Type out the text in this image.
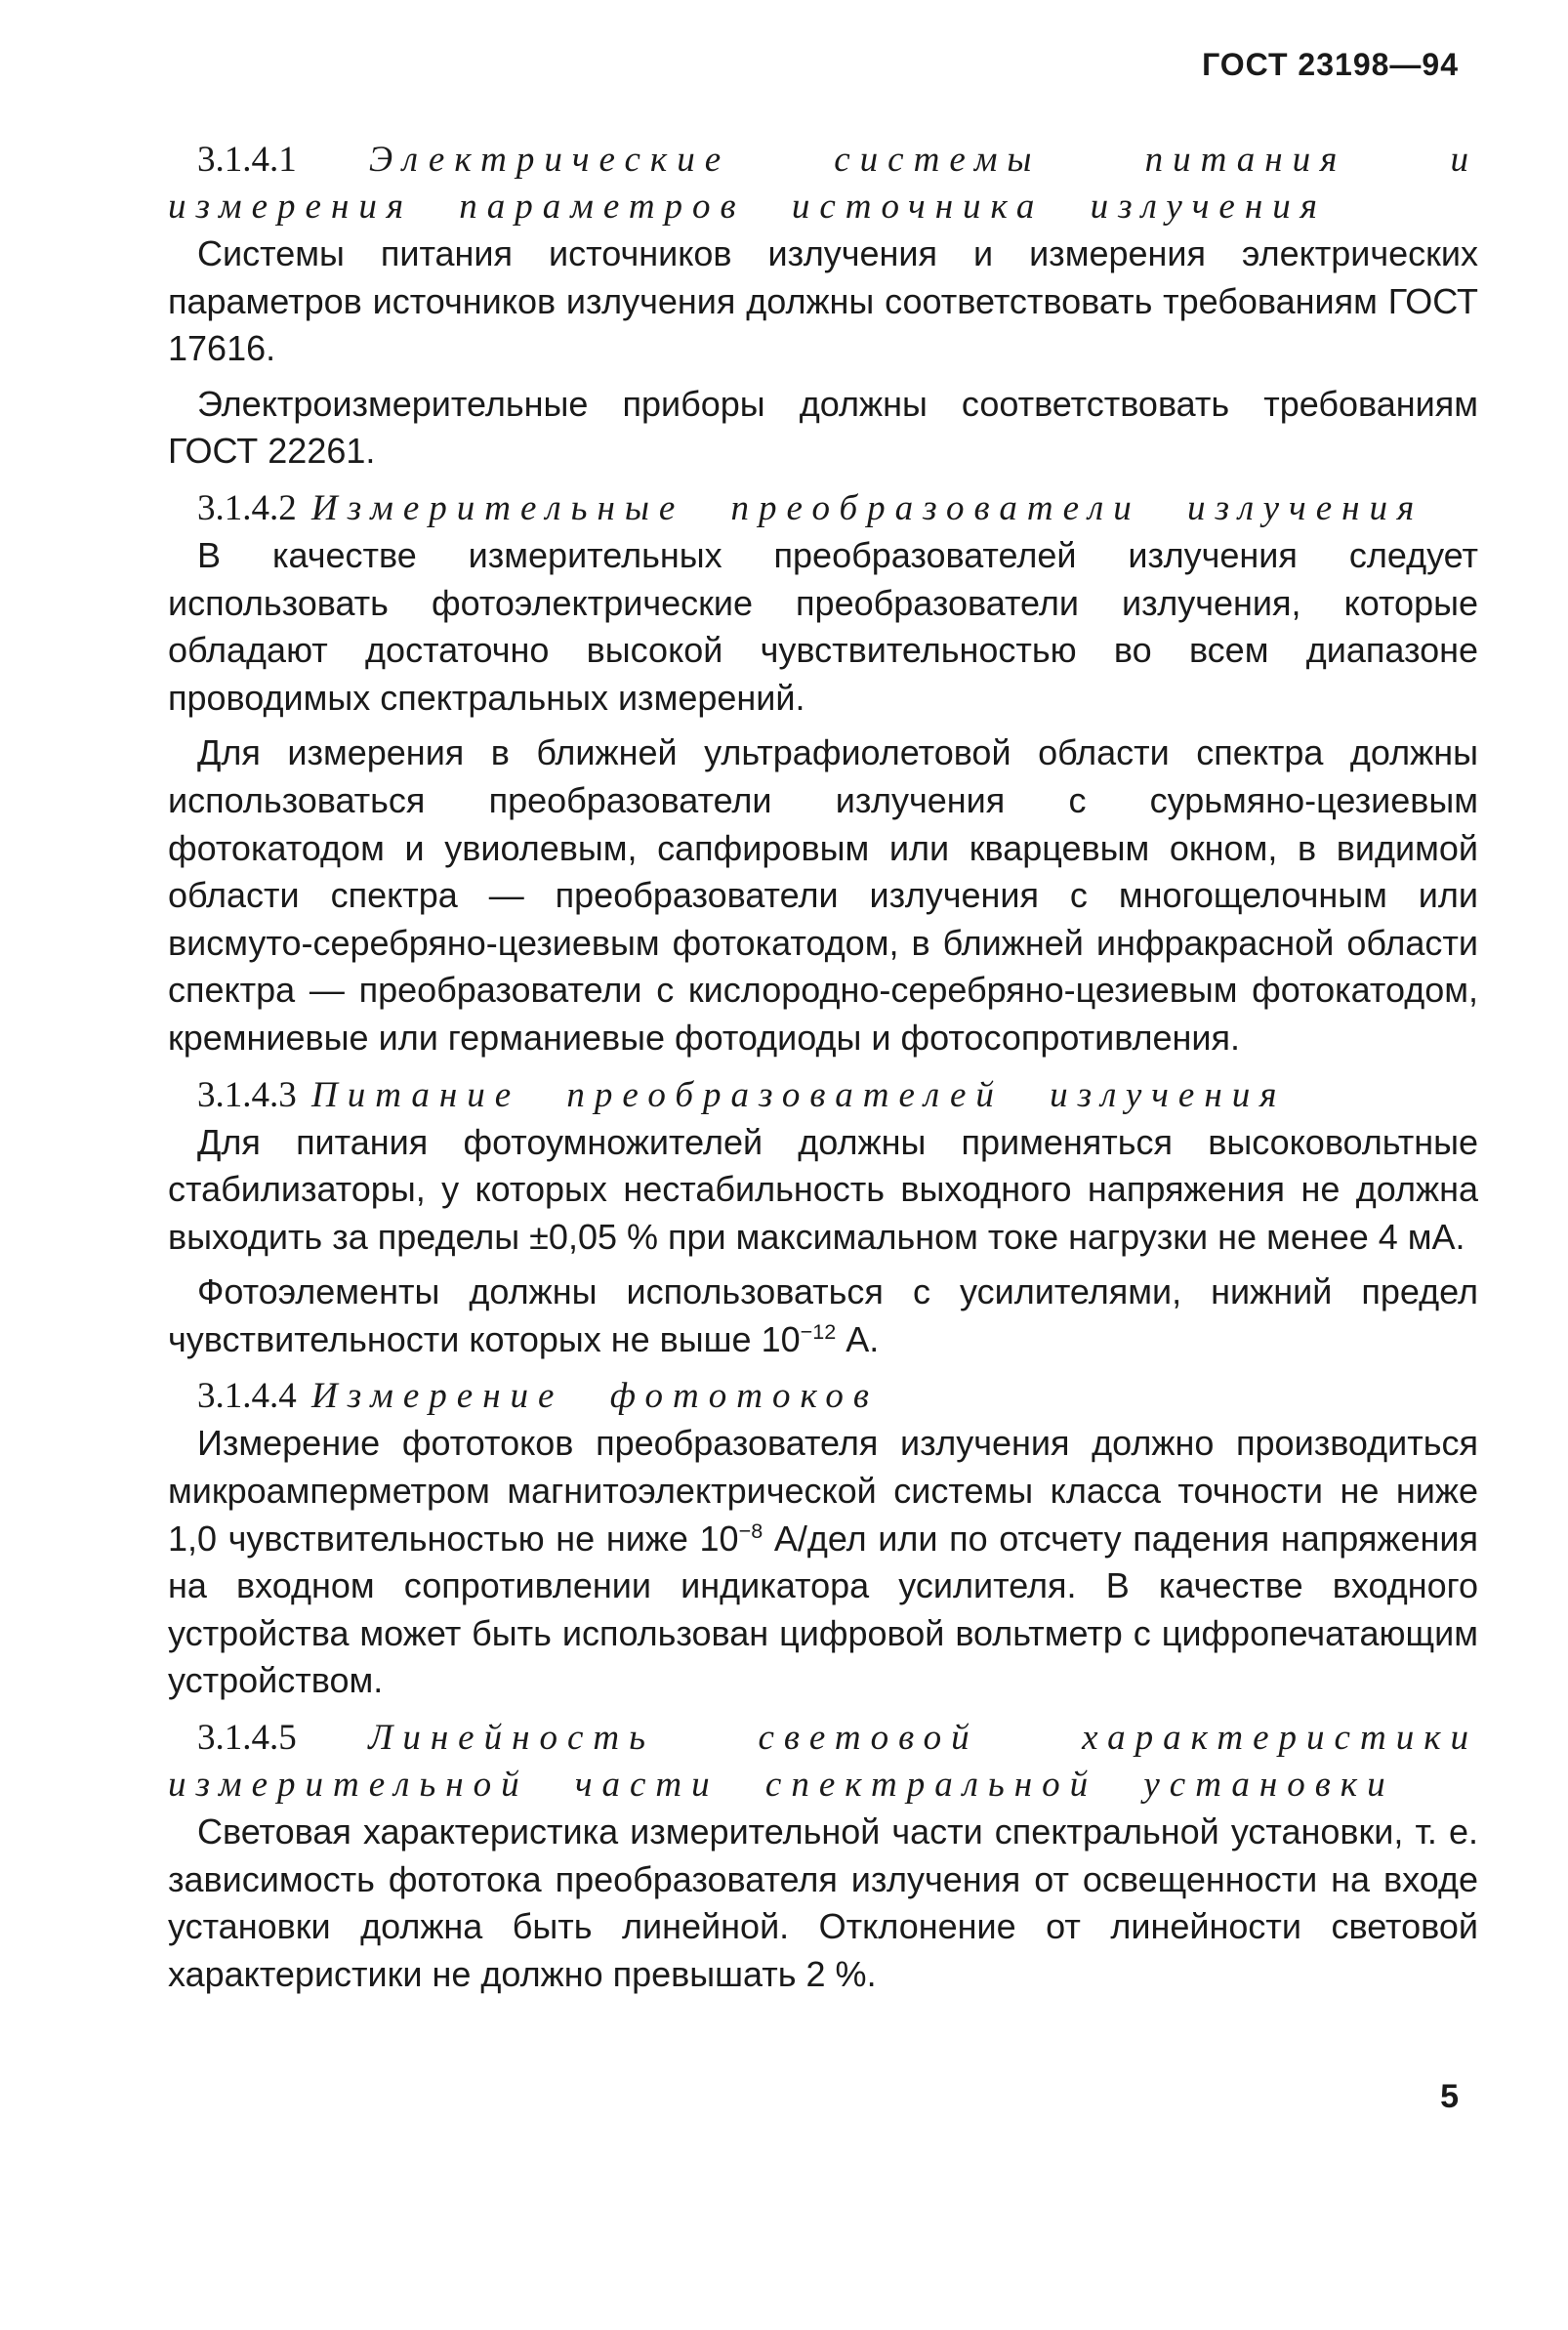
ГОСТ 23198—94
3.1.4.1 Электрические системы питания и измерения параметров источника излучения

Системы питания источников излучения и измерения электрических параметров источников излучения должны соответствовать требованиям ГОСТ 17616.

Электроизмерительные приборы должны соответствовать требованиям ГОСТ 22261.

3.1.4.2 Измерительные преобразователи излучения

В качестве измерительных преобразователей излучения следует использовать фотоэлектрические преобразователи излучения, которые обладают достаточно высокой чувствительностью во всем диапазоне проводимых спектральных измерений.

Для измерения в ближней ультрафиолетовой области спектра должны использоваться преобразователи излучения с сурьмяно-цезиевым фотокатодом и увиолевым, сапфировым или кварцевым окном, в видимой области спектра — преобразователи излучения с многощелочным или висмуто-серебряно-цезиевым фотокатодом, в ближней инфракрасной области спектра — преобразователи с кислородно-серебряно-цезиевым фотокатодом, кремниевые или германиевые фотодиоды и фотосопротивления.

3.1.4.3 Питание преобразователей излучения

Для питания фотоумножителей должны применяться высоковольтные стабилизаторы, у которых нестабильность выходного напряжения не должна выходить за пределы ±0,05 % при максимальном токе нагрузки не менее 4 мА.

Фотоэлементы должны использоваться с усилителями, нижний предел чувствительности которых не выше $10^{-12}$ А.

3.1.4.4 Измерение фототоков

Измерение фототоков преобразователя излучения должно производиться микроамперметром магнитоэлектрической системы класса точности не ниже 1,0 чувствительностью не ниже $10^{-8}$ А/дел или по отсчету падения напряжения на входном сопротивлении индикатора усилителя. В качестве входного устройства может быть использован цифровой вольтметр с цифропечатающим устройством.

3.1.4.5 Линейность световой характеристики измерительной части спектральной установки

Световая характеристика измерительной части спектральной установки, т. е. зависимость фототока преобразователя излучения от освещенности на входе установки должна быть линейной. Отклонение от линейности световой характеристики не должно превышать 2 %.

5
